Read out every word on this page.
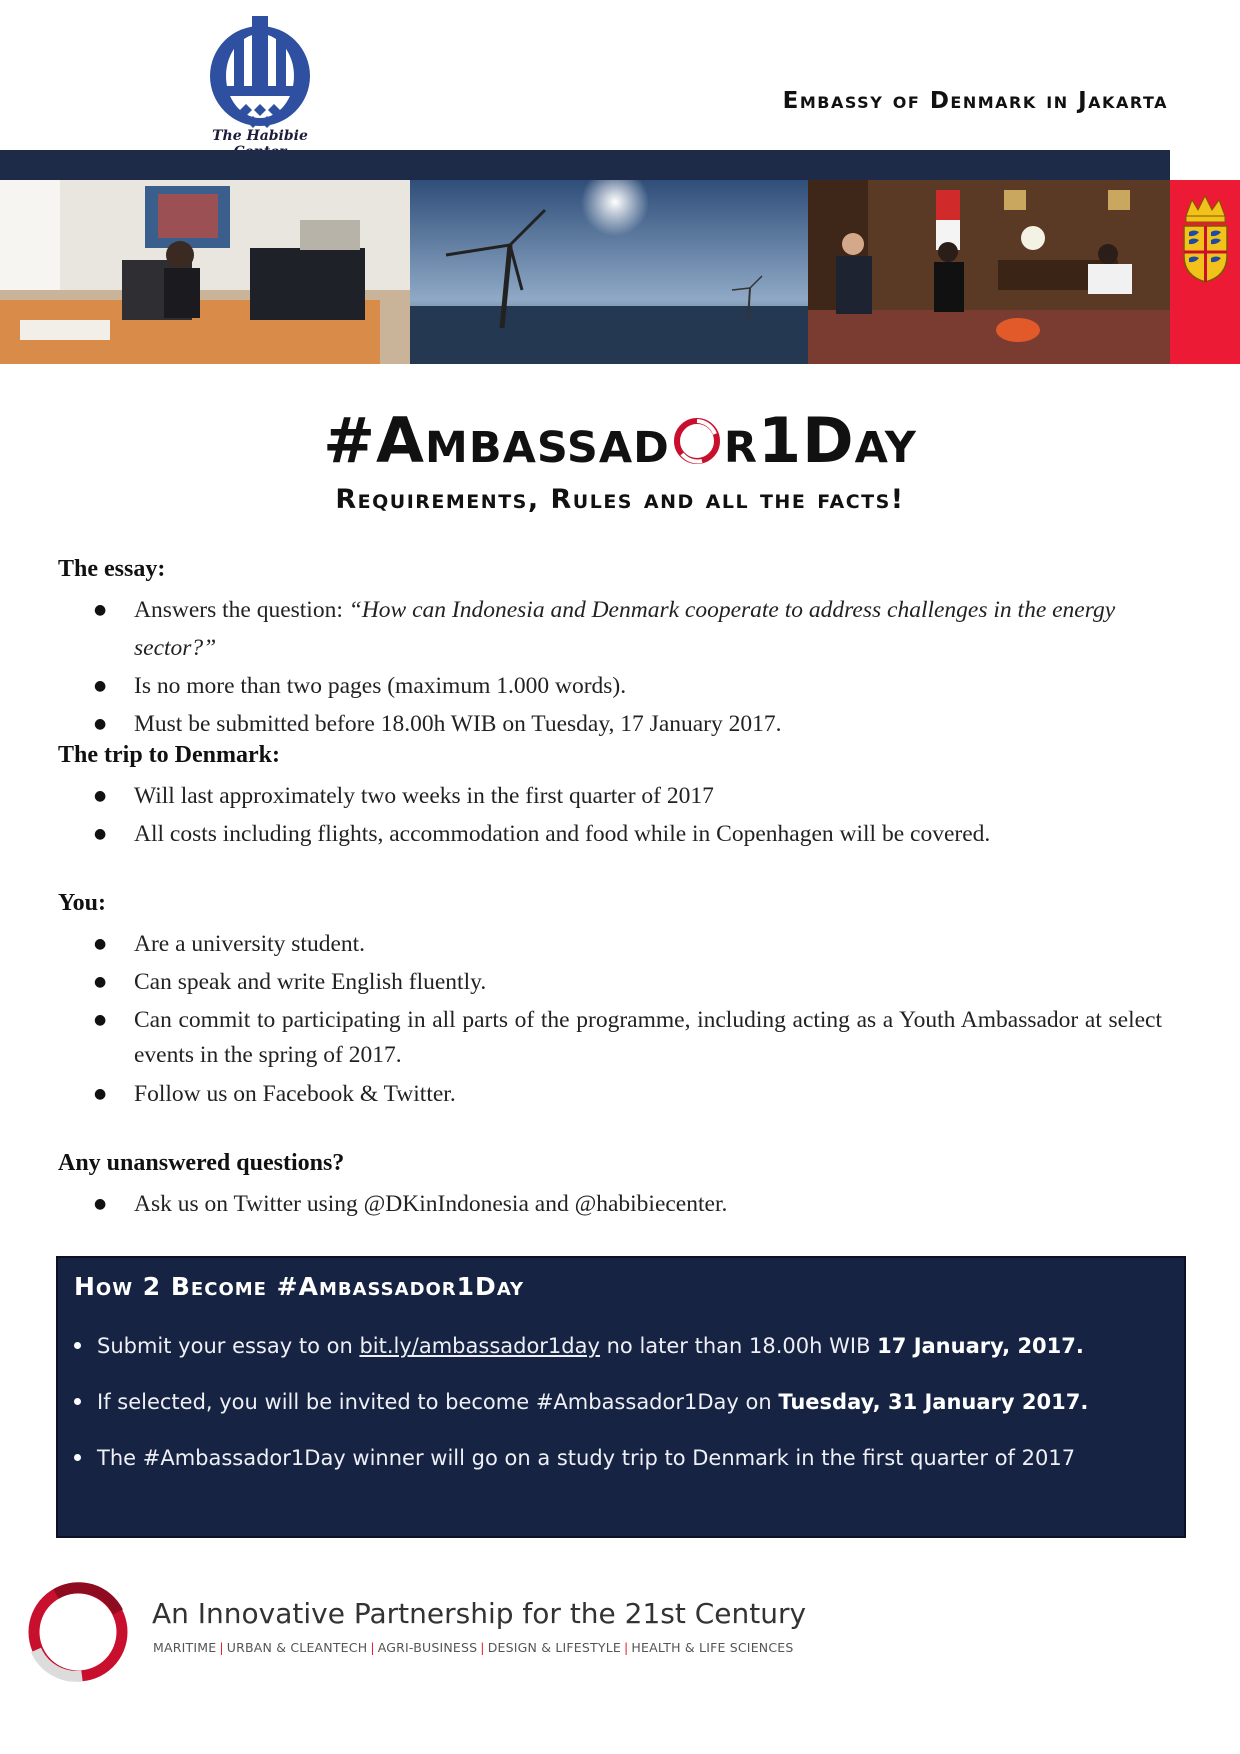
The Habibie
Embassy of Denmark in Jakarta
#Ambassad r1Day
Requirements, Rules and all the facts!
The essay:
● Answers the question: “How can Indonesia and Denmark cooperate to address challenges in the energy sector?”
● Is no more than two pages (maximum 1.000 words).
● Must be submitted before 18.00h WIB on Tuesday, 17 January 2017.
The trip to Denmark:
● Will last approximately two weeks in the first quarter of 2017
● All costs including flights, accommodation and food while in Copenhagen will be covered.
You:
● Are a university student.
● Can speak and write English fluently.
● Can commit to participating in all parts of the programme, including acting as a Youth Ambassador at select events in the spring of 2017.
● Follow us on Facebook & Twitter.
Any unanswered questions?
● Ask us on Twitter using @DKinIndonesia and @habibiecenter.
How 2 Become #Ambassador1Day
Submit your essay to on bit.ly/ambassador1day no later than 18.00h WIB 17 January, 2017.
If selected, you will be invited to become #Ambassador1Day on Tuesday, 31 January 2017.
The #Ambassador1Day winner will go on a study trip to Denmark in the first quarter of 2017
An Innovative Partnership for the 21st Century
MARITIME | URBAN & CLEANTECH | AGRI-BUSINESS | DESIGN & LIFESTYLE | HEALTH & LIFE SCIENCES
